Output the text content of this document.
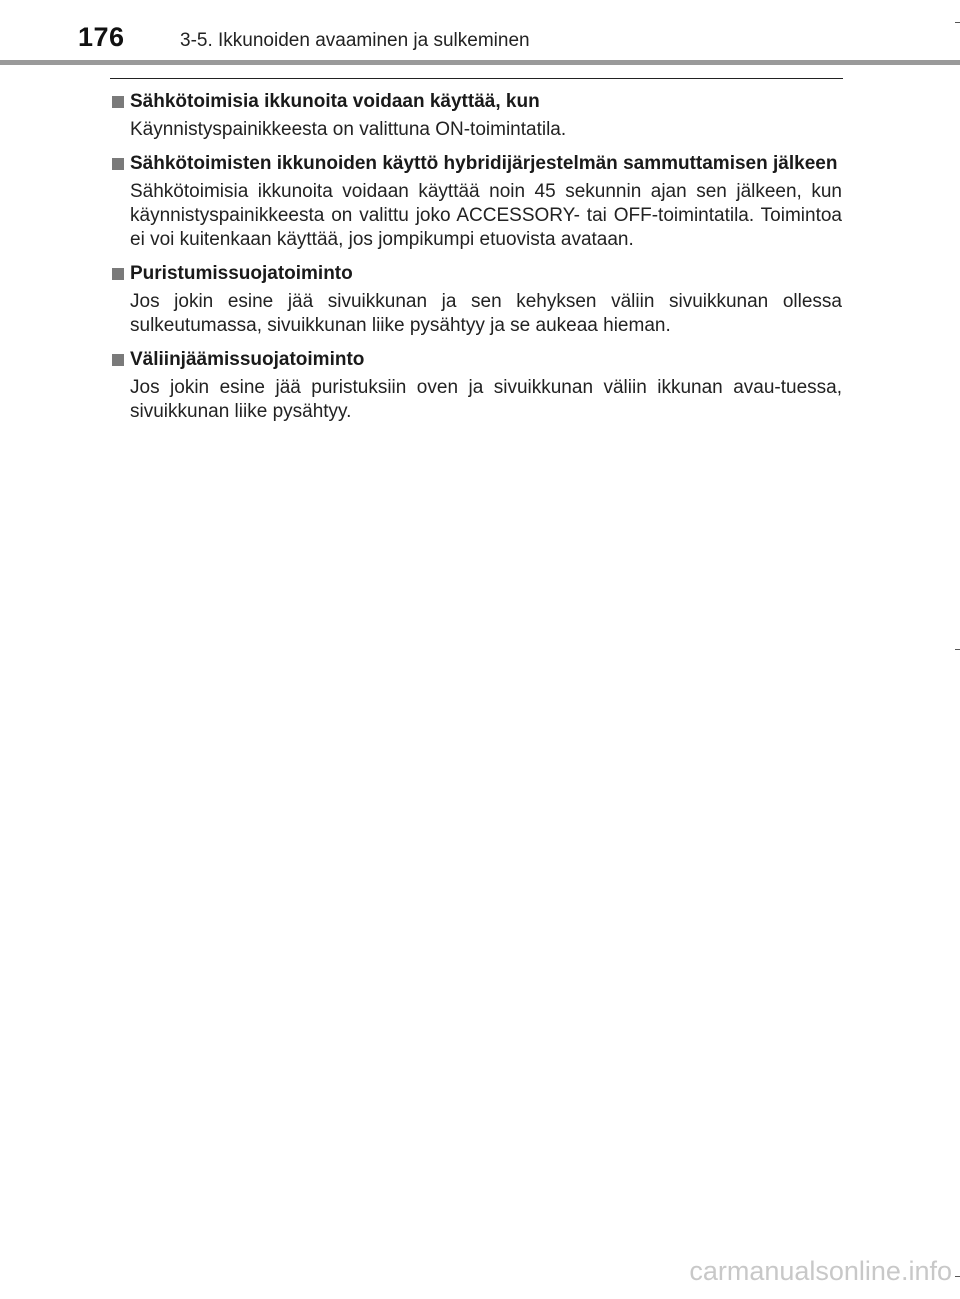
176	3-5. Ikkunoiden avaaminen ja sulkeminen
Sähkötoimisia ikkunoita voidaan käyttää, kun
Käynnistyspainikkeesta on valittuna ON-toimintatila.
Sähkötoimisten ikkunoiden käyttö hybridijärjestelmän sammuttamisen jälkeen
Sähkötoimisia ikkunoita voidaan käyttää noin 45 sekunnin ajan sen jälkeen, kun käynnistyspainikkeesta on valittu joko ACCESSORY- tai OFF-toimintatila. Toimintoa ei voi kuitenkaan käyttää, jos jompikumpi etuovista avataan.
Puristumissuojatoiminto
Jos jokin esine jää sivuikkunan ja sen kehyksen väliin sivuikkunan ollessa sulkeutumassa, sivuikkunan liike pysähtyy ja se aukeaa hieman.
Väliinjäämissuojatoiminto
Jos jokin esine jää puristuksiin oven ja sivuikkunan väliin ikkunan avau-tuessa, sivuikkunan liike pysähtyy.
carmanualsonline.info
